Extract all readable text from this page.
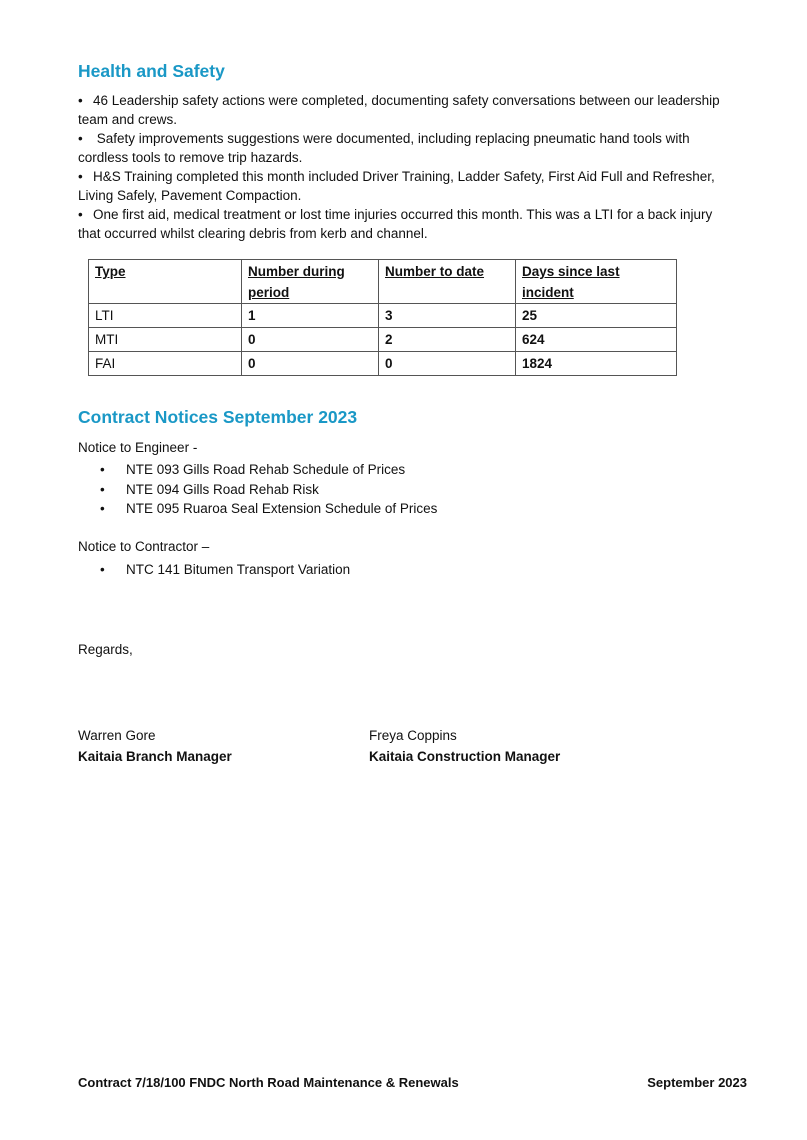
Health and Safety
• 46 Leadership safety actions were completed, documenting safety conversations between our leadership team and crews.
• Safety improvements suggestions were documented, including replacing pneumatic hand tools with cordless tools to remove trip hazards.
• H&S Training completed this month included Driver Training, Ladder Safety, First Aid Full and Refresher, Living Safely, Pavement Compaction.
• One first aid, medical treatment or lost time injuries occurred this month. This was a LTI for a back injury that occurred whilst clearing debris from kerb and channel.
Type	Number during period	Number to date	Days since last incident
LTI	1	3	25
MTI	0	2	624
FAI	0	0	1824
Contract Notices September 2023

Notice to Engineer -

• NTE 093 Gills Road Rehab Schedule of Prices
• NTE 094 Gills Road Rehab Risk
• NTE 095 Ruaroa Seal Extension Schedule of Prices

Notice to Contractor –

• NTC 141 Bitumen Transport Variation

Regards,

Warren Gore
Kaitaia Branch Manager
Freya Coppins
Kaitaia Construction Manager
Contract 7/18/100 FNDC North Road Maintenance & Renewals	September 2023
